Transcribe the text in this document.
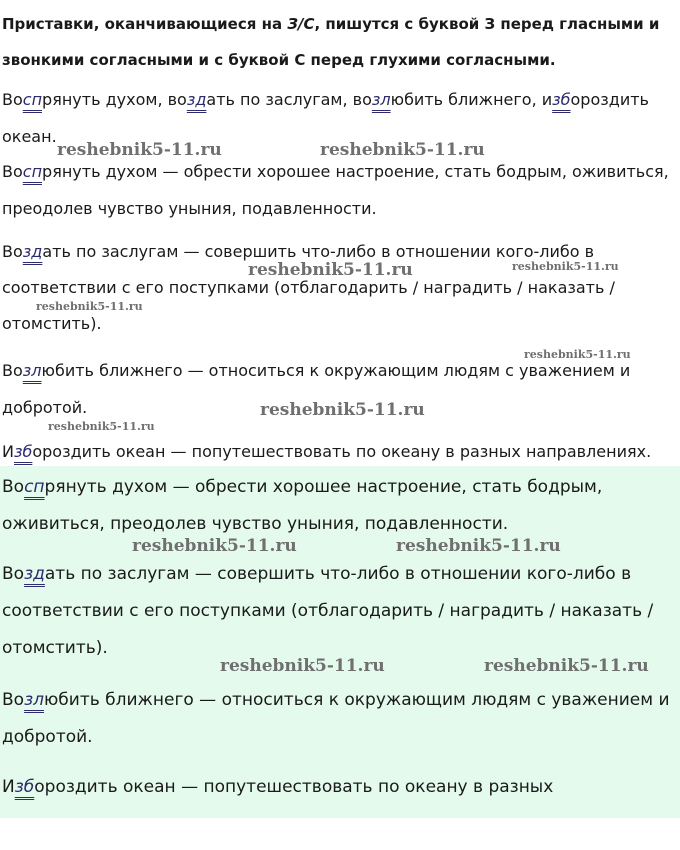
Приставки, оканчивающиеся на З/С, пишутся с буквой З перед гласными и звонкими согласными и с буквой С перед глухими согласными.
Воспрянуть духом, воздать по заслугам, возлюбить ближнего, избороздить океан.
Воспрянуть духом — обрести хорошее настроение, стать бодрым, оживиться, преодолев чувство уныния, подавленности.
Воздать по заслугам — совершить что-либо в отношении кого-либо в соответствии с его поступками (отблагодарить / наградить / наказать / отомстить).
Возлюбить ближнего — относиться к окружающим людям с уважением и добротой.
Избороздить океан — попутешествовать по океану в разных направлениях.
Воспрянуть духом — обрести хорошее настроение, стать бодрым, оживиться, преодолев чувство уныния, подавленности.
Воздать по заслугам — совершить что-либо в отношении кого-либо в соответствии с его поступками (отблагодарить / наградить / наказать / отомстить).
Возлюбить ближнего — относиться к окружающим людям с уважением и добротой.
Избороздить океан — попутешествовать по океану в разных
reshebnik5-11.ru	reshebnik5-11.ru
reshebnik5-11.ru	reshebnik5-11.ru
reshebnik5-11.ru
reshebnik5-11.ru
reshebnik5-11.ru
reshebnik5-11.ru
reshebnik5-11.ru	reshebnik5-11.ru
reshebnik5-11.ru	reshebnik5-11.ru
